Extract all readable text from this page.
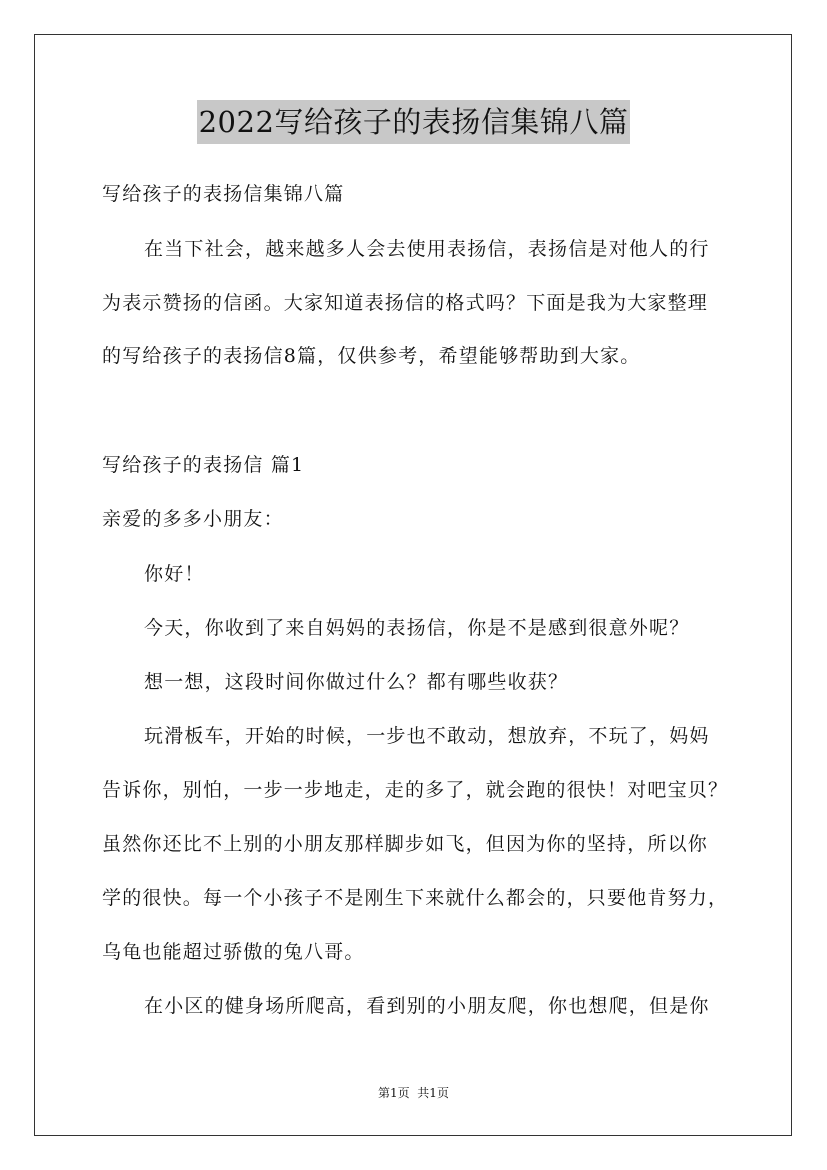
2022写给孩子的表扬信集锦八篇
写给孩子的表扬信集锦八篇
在当下社会，越来越多人会去使用表扬信，表扬信是对他人的行
为表示赞扬的信函。大家知道表扬信的格式吗？下面是我为大家整理
的写给孩子的表扬信8篇，仅供参考，希望能够帮助到大家。
写给孩子的表扬信 篇1
亲爱的多多小朋友：
你好！
今天，你收到了来自妈妈的表扬信，你是不是感到很意外呢？
想一想，这段时间你做过什么？都有哪些收获？
玩滑板车，开始的时候，一步也不敢动，想放弃，不玩了，妈妈
告诉你，别怕，一步一步地走，走的多了，就会跑的很快！对吧宝贝？
虽然你还比不上别的小朋友那样脚步如飞，但因为你的坚持，所以你
学的很快。每一个小孩子不是刚生下来就什么都会的，只要他肯努力，
乌龟也能超过骄傲的兔八哥。
在小区的健身场所爬高，看到别的小朋友爬，你也想爬，但是你
第1页  共1页
